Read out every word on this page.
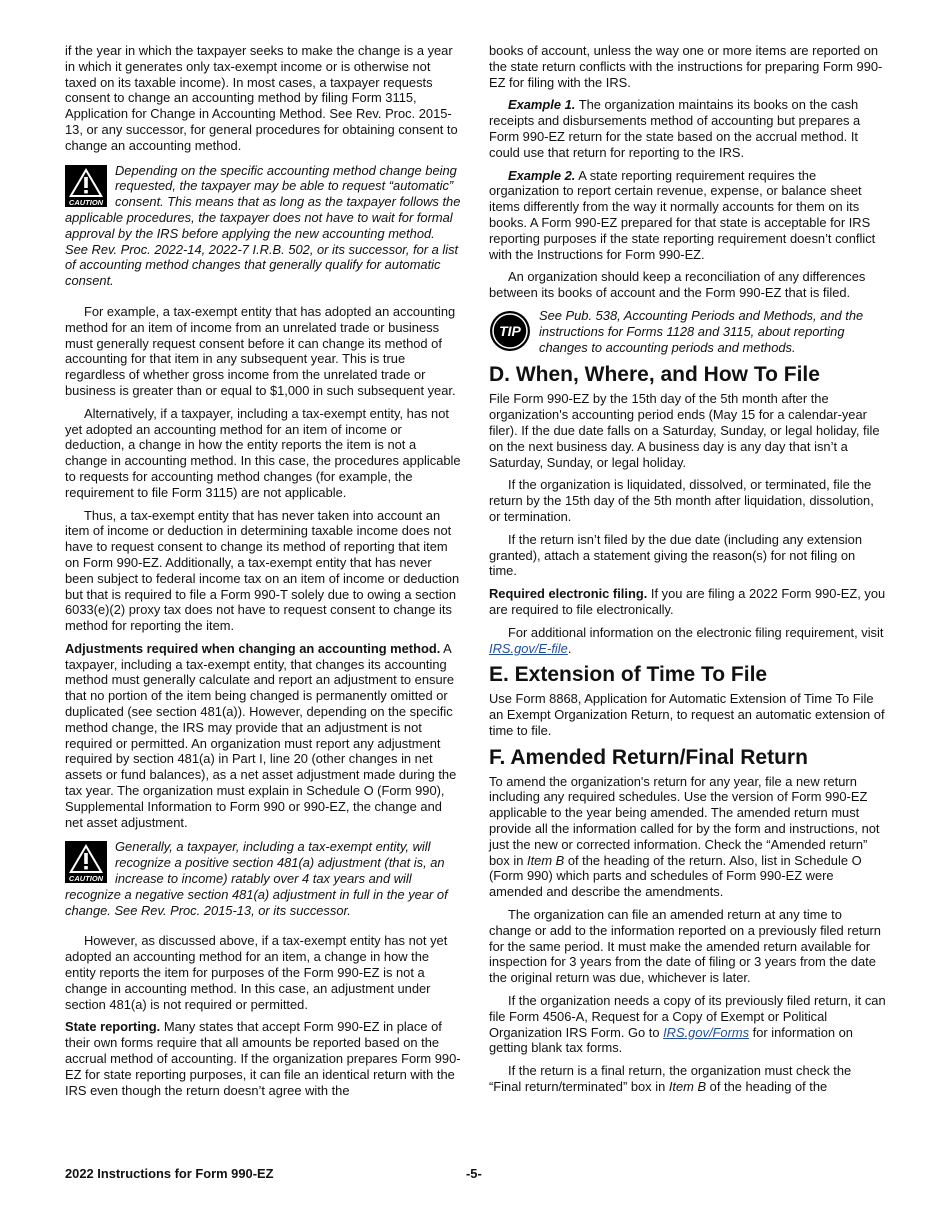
if the year in which the taxpayer seeks to make the change is a year in which it generates only tax-exempt income or is otherwise not taxed on its taxable income). In most cases, a taxpayer requests consent to change an accounting method by filing Form 3115, Application for Change in Accounting Method. See Rev. Proc. 2015-13, or any successor, for general procedures for obtaining consent to change an accounting method.

CAUTION
Depending on the specific accounting method change being requested, the taxpayer may be able to request “automatic” consent. This means that as long as the taxpayer follows the applicable procedures, the taxpayer does not have to wait for formal approval by the IRS before applying the new accounting method. See Rev. Proc. 2022-14, 2022-7 I.R.B. 502, or its successor, for a list of accounting method changes that generally qualify for automatic consent.

For example, a tax-exempt entity that has adopted an accounting method for an item of income from an unrelated trade or business must generally request consent before it can change its method of accounting for that item in any subsequent year. This is true regardless of whether gross income from the unrelated trade or business is greater than or equal to $1,000 in such subsequent year.

Alternatively, if a taxpayer, including a tax-exempt entity, has not yet adopted an accounting method for an item of income or deduction, a change in how the entity reports the item is not a change in accounting method. In this case, the procedures applicable to requests for accounting method changes (for example, the requirement to file Form 3115) are not applicable.

Thus, a tax-exempt entity that has never taken into account an item of income or deduction in determining taxable income does not have to request consent to change its method of reporting that item on Form 990-EZ. Additionally, a tax-exempt entity that has never been subject to federal income tax on an item of income or deduction but that is required to file a Form 990-T solely due to owing a section 6033(e)(2) proxy tax does not have to request consent to change its method for reporting the item.

Adjustments required when changing an accounting method. A taxpayer, including a tax-exempt entity, that changes its accounting method must generally calculate and report an adjustment to ensure that no portion of the item being changed is permanently omitted or duplicated (see section 481(a)). However, depending on the specific method change, the IRS may provide that an adjustment is not required or permitted. An organization must report any adjustment required by section 481(a) in Part I, line 20 (other changes in net assets or fund balances), as a net asset adjustment made during the tax year. The organization must explain in Schedule O (Form 990), Supplemental Information to Form 990 or 990-EZ, the change and net asset adjustment.

CAUTION
Generally, a taxpayer, including a tax-exempt entity, will recognize a positive section 481(a) adjustment (that is, an increase to income) ratably over 4 tax years and will recognize a negative section 481(a) adjustment in full in the year of change. See Rev. Proc. 2015-13, or its successor.

However, as discussed above, if a tax-exempt entity has not yet adopted an accounting method for an item, a change in how the entity reports the item for purposes of the Form 990-EZ is not a change in accounting method. In this case, an adjustment under section 481(a) is not required or permitted.

State reporting. Many states that accept Form 990-EZ in place of their own forms require that all amounts be reported based on the accrual method of accounting. If the organization prepares Form 990-EZ for state reporting purposes, it can file an identical return with the IRS even though the return doesn’t agree with the

books of account, unless the way one or more items are reported on the state return conflicts with the instructions for preparing Form 990-EZ for filing with the IRS.

Example 1. The organization maintains its books on the cash receipts and disbursements method of accounting but prepares a Form 990-EZ return for the state based on the accrual method. It could use that return for reporting to the IRS.

Example 2. A state reporting requirement requires the organization to report certain revenue, expense, or balance sheet items differently from the way it normally accounts for them on its books. A Form 990-EZ prepared for that state is acceptable for IRS reporting purposes if the state reporting requirement doesn’t conflict with the Instructions for Form 990-EZ.

An organization should keep a reconciliation of any differences between its books of account and the Form 990-EZ that is filed.

TIP
See Pub. 538, Accounting Periods and Methods, and the instructions for Forms 1128 and 3115, about reporting changes to accounting periods and methods.
D. When, Where, and How To File

File Form 990-EZ by the 15th day of the 5th month after the organization's accounting period ends (May 15 for a calendar-year filer). If the due date falls on a Saturday, Sunday, or legal holiday, file on the next business day. A business day is any day that isn’t a Saturday, Sunday, or legal holiday.

If the organization is liquidated, dissolved, or terminated, file the return by the 15th day of the 5th month after liquidation, dissolution, or termination.

If the return isn’t filed by the due date (including any extension granted), attach a statement giving the reason(s) for not filing on time.

Required electronic filing. If you are filing a 2022 Form 990-EZ, you are required to file electronically.

For additional information on the electronic filing requirement, visit IRS.gov/E-file.

E. Extension of Time To File

Use Form 8868, Application for Automatic Extension of Time To File an Exempt Organization Return, to request an automatic extension of time to file.

F. Amended Return/Final Return

To amend the organization's return for any year, file a new return including any required schedules. Use the version of Form 990-EZ applicable to the year being amended. The amended return must provide all the information called for by the form and instructions, not just the new or corrected information. Check the “Amended return” box in Item B of the heading of the return. Also, list in Schedule O (Form 990) which parts and schedules of Form 990-EZ were amended and describe the amendments.

The organization can file an amended return at any time to change or add to the information reported on a previously filed return for the same period. It must make the amended return available for inspection for 3 years from the date of filing or 3 years from the date the original return was due, whichever is later.

If the organization needs a copy of its previously filed return, it can file Form 4506-A, Request for a Copy of Exempt or Political Organization IRS Form. Go to IRS.gov/Forms for information on getting blank tax forms.

If the return is a final return, the organization must check the “Final return/terminated” box in Item B of the heading of the

2022 Instructions for Form 990-EZ	-5-
